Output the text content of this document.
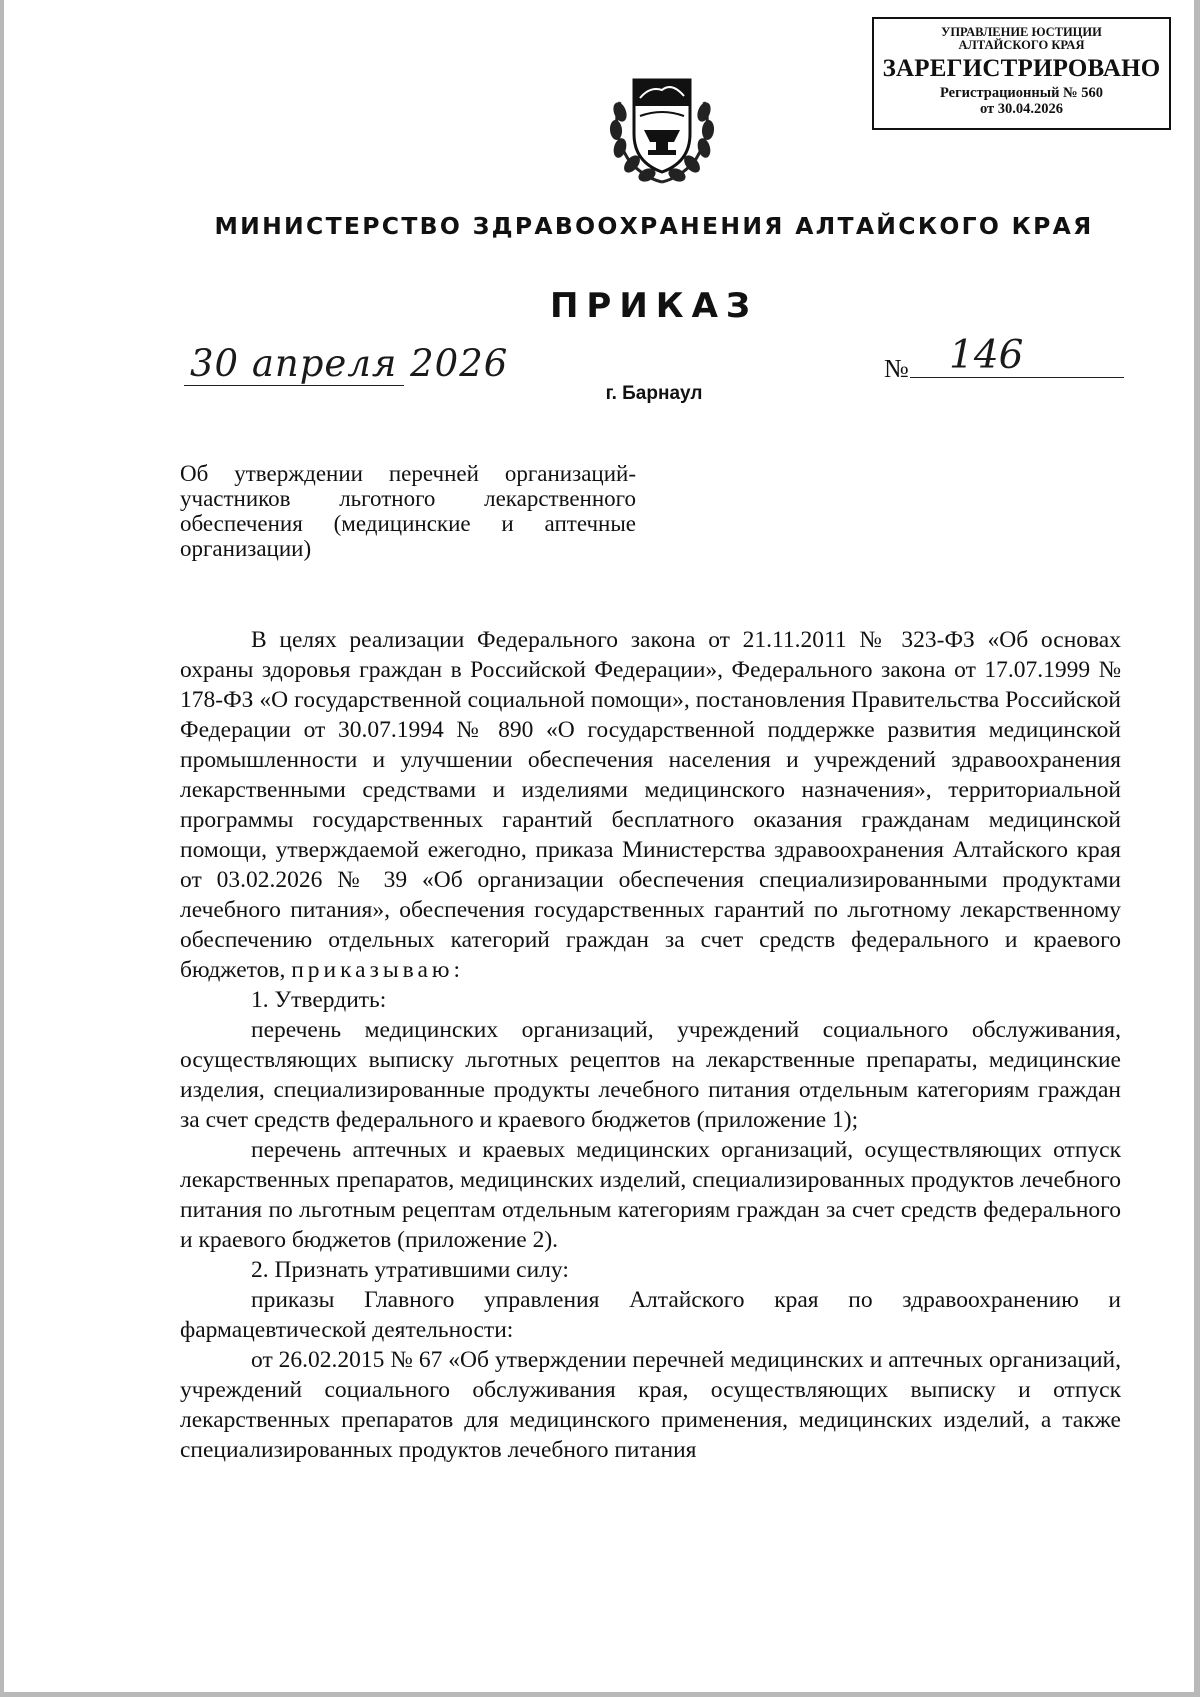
УПРАВЛЕНИЕ ЮСТИЦИИ
АЛТАЙСКОГО КРАЯ
ЗАРЕГИСТРИРОВАНО
Регистрационный № 560
от 30.04.2026
МИНИСТЕРСТВО ЗДРАВООХРАНЕНИЯ АЛТАЙСКОГО КРАЯ
ПРИКАЗ
30 апреля 2026	№ 146
г. Барнаул
Об утверждении перечней организаций-участников льготного лекарственного обеспечения (медицинские и аптечные организации)

В целях реализации Федерального закона от 21.11.2011 № 323-ФЗ «Об основах охраны здоровья граждан в Российской Федерации», Федерального закона от 17.07.1999 № 178-ФЗ «О государственной социальной помощи», постановления Правительства Российской Федерации от 30.07.1994 № 890 «О государственной поддержке развития медицинской промышленности и улучшении обеспечения населения и учреждений здравоохранения лекарственными средствами и изделиями медицинского назначения», территориальной программы государственных гарантий бесплатного оказания гражданам медицинской помощи, утверждаемой ежегодно, приказа Министерства здравоохранения Алтайского края от 03.02.2026 № 39 «Об организации обеспечения специализированными продуктами лечебного питания», обеспечения государственных гарантий по льготному лекарственному обеспечению отдельных категорий граждан за счет средств федерального и краевого бюджетов, приказываю:

1. Утвердить:

перечень медицинских организаций, учреждений социального обслуживания, осуществляющих выписку льготных рецептов на лекарственные препараты, медицинские изделия, специализированные продукты лечебного питания отдельным категориям граждан за счет средств федерального и краевого бюджетов (приложение 1);

перечень аптечных и краевых медицинских организаций, осуществляющих отпуск лекарственных препаратов, медицинских изделий, специализированных продуктов лечебного питания по льготным рецептам отдельным категориям граждан за счет средств федерального и краевого бюджетов (приложение 2).

2. Признать утратившими силу:

приказы Главного управления Алтайского края по здравоохранению и фармацевтической деятельности:

от 26.02.2015 № 67 «Об утверждении перечней медицинских и аптечных организаций, учреждений социального обслуживания края, осуществляющих выписку и отпуск лекарственных препаратов для медицинского применения, медицинских изделий, а также специализированных продуктов лечебного питания
